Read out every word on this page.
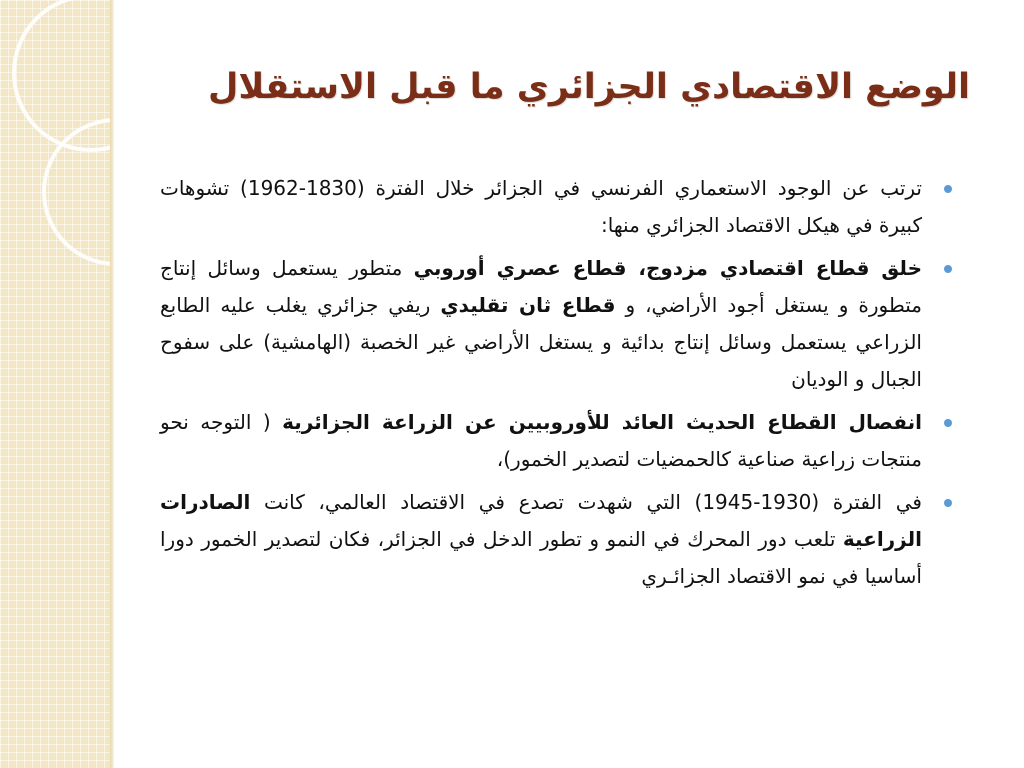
الوضع الاقتصادي الجزائري ما قبل الاستقلال
ترتب عن الوجود الاستعماري الفرنسي في الجزائر خلال الفترة (1830-1962) تشوهات كبيرة في هيكل الاقتصاد الجزائري منها:
خلق قطاع اقتصادي مزدوج، قطاع عصري أوروبي متطور يستعمل وسائل إنتاج متطورة و يستغل أجود الأراضي، و قطاع ثان تقليدي ريفي جزائري يغلب عليه الطابع الزراعي يستعمل وسائل إنتاج بدائية و يستغل الأراضي غير الخصبة (الهامشية) على سفوح الجبال و الوديان
انفصال القطاع الحديث العائد للأوروبيين عن الزراعة الجزائرية ( التوجه نحو منتجات زراعية صناعية كالحمضيات لتصدير الخمور)،
في الفترة (1930-1945) التي شهدت تصدع في الاقتصاد العالمي، كانت الصادرات الزراعية تلعب دور المحرك في النمو و تطور الدخل في الجزائر، فكان لتصدير الخمور دورا أساسيا في نمو الاقتصاد الجزائـري
